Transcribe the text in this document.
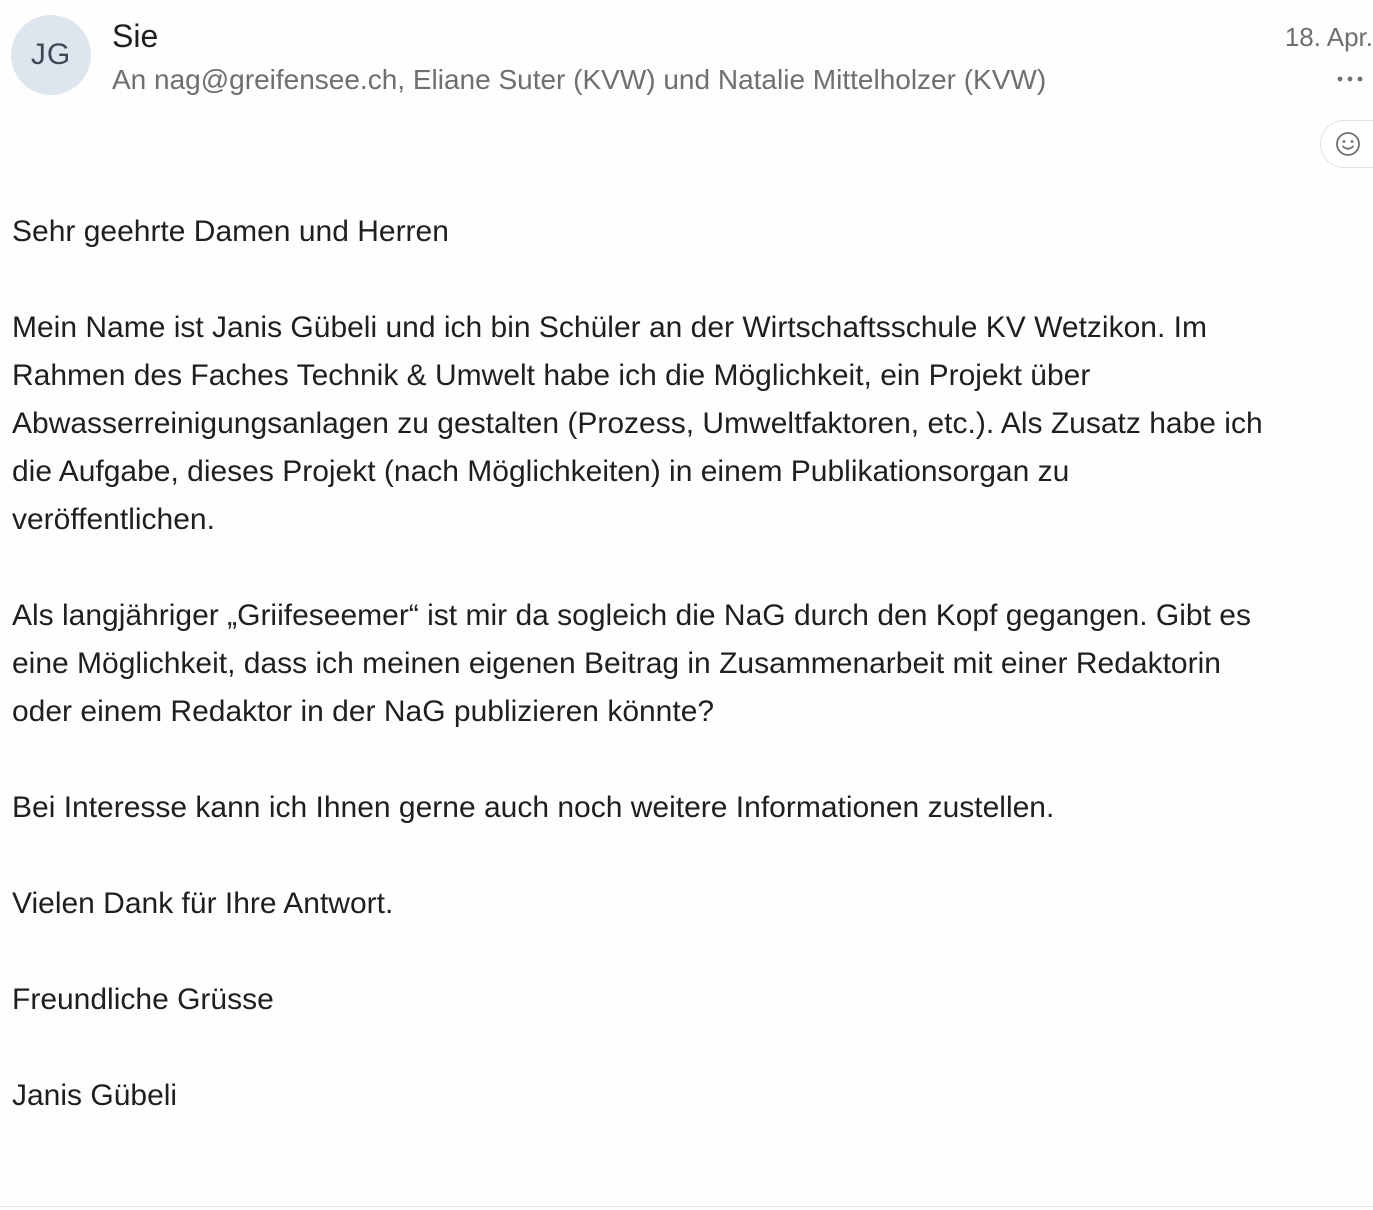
JG
Sie
An nag@greifensee.ch, Eliane Suter (KVW) und Natalie Mittelholzer (KVW)
18. Apr.

Sehr geehrte Damen und Herren

Mein Name ist Janis Gübeli und ich bin Schüler an der Wirtschaftsschule KV Wetzikon. Im
Rahmen des Faches Technik & Umwelt habe ich die Möglichkeit, ein Projekt über
Abwasserreinigungsanlagen zu gestalten (Prozess, Umweltfaktoren, etc.). Als Zusatz habe ich
die Aufgabe, dieses Projekt (nach Möglichkeiten) in einem Publikationsorgan zu
veröffentlichen.

Als langjähriger „Griifeseemer“ ist mir da sogleich die NaG durch den Kopf gegangen. Gibt es
eine Möglichkeit, dass ich meinen eigenen Beitrag in Zusammenarbeit mit einer Redaktorin
oder einem Redaktor in der NaG publizieren könnte?

Bei Interesse kann ich Ihnen gerne auch noch weitere Informationen zustellen.

Vielen Dank für Ihre Antwort.

Freundliche Grüsse

Janis Gübeli
